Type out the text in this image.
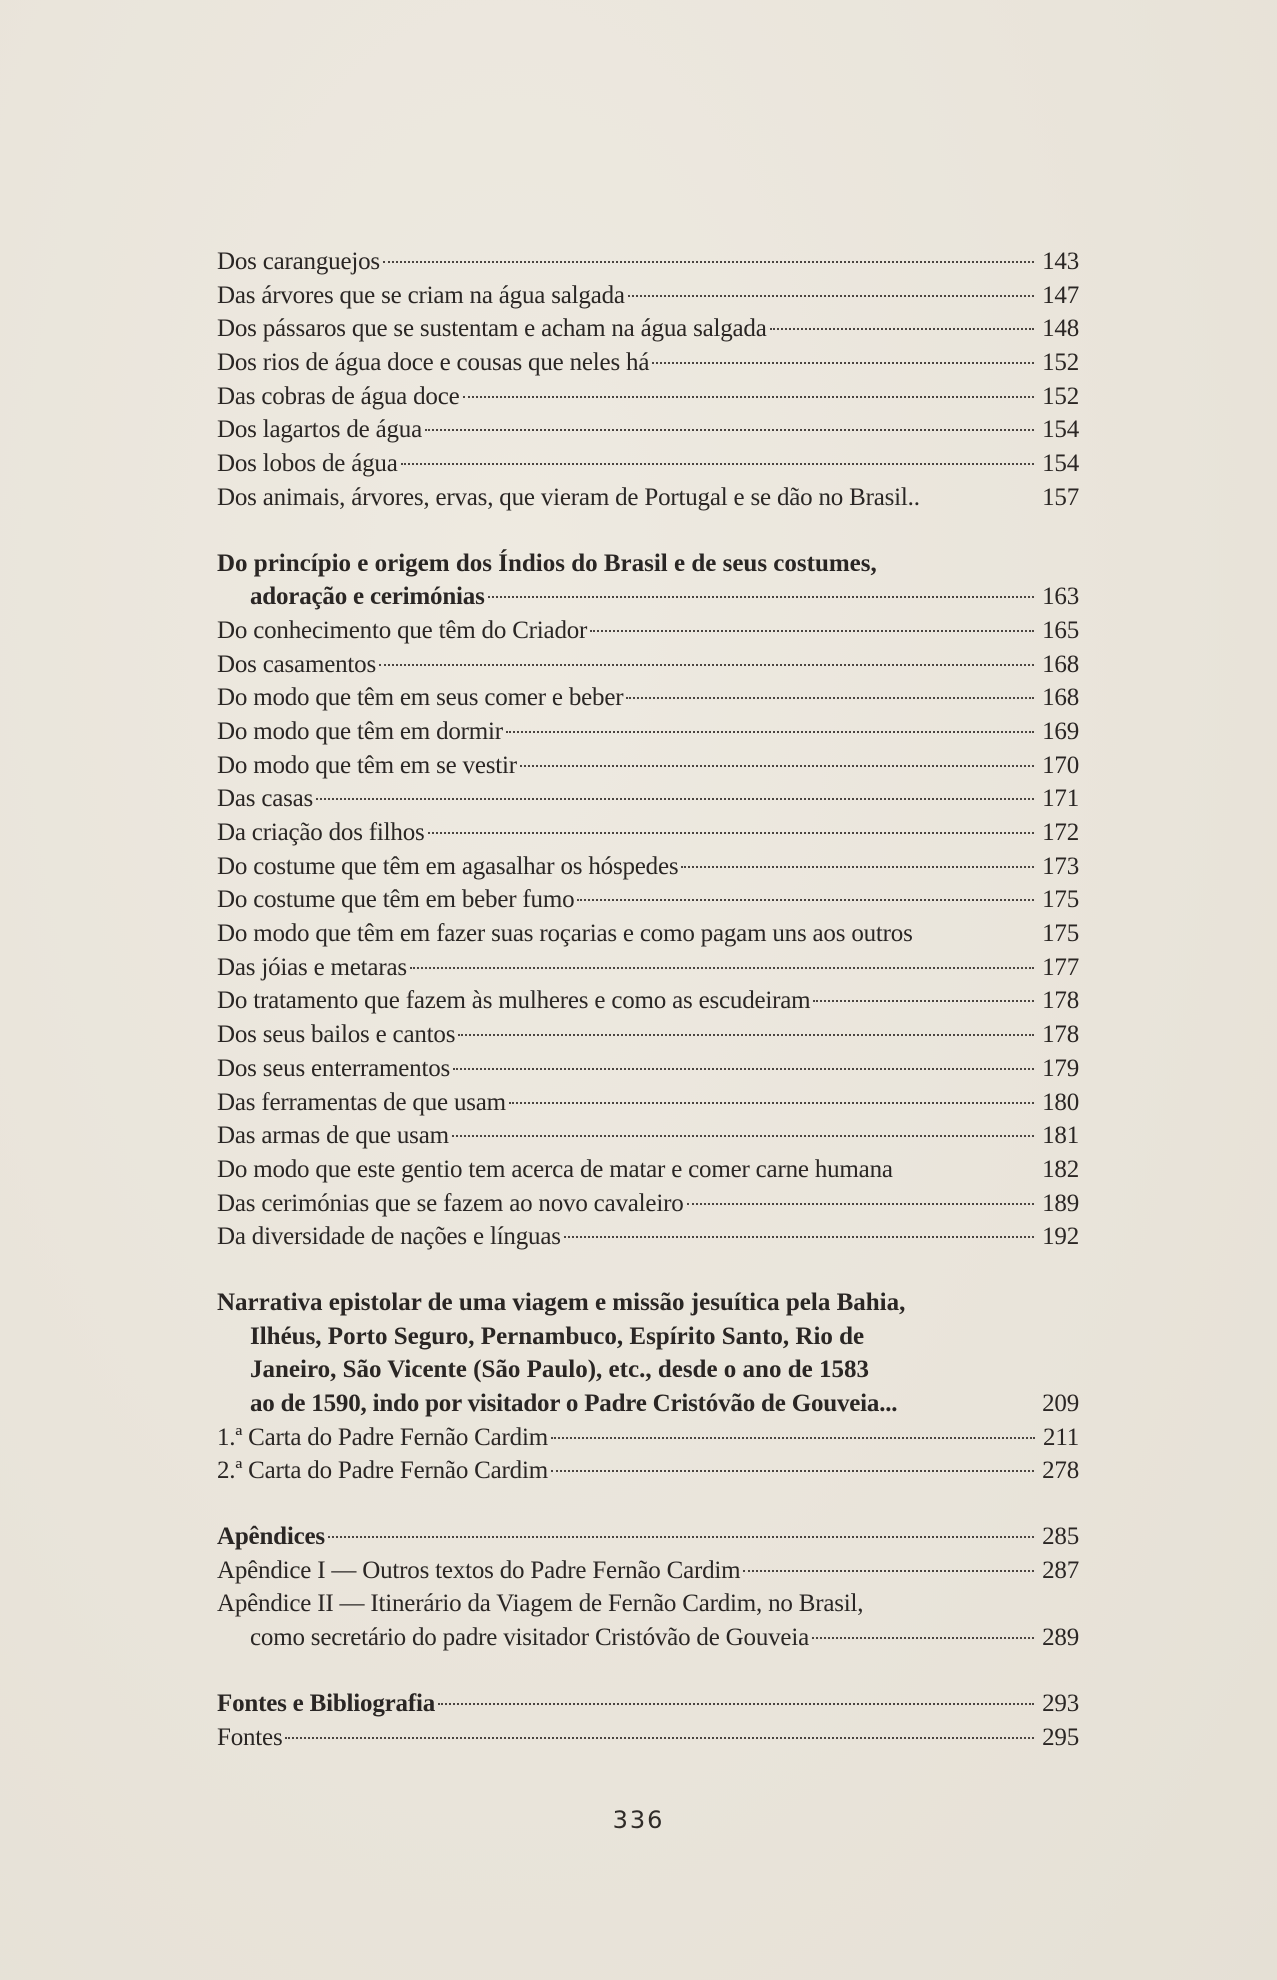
Dos caranguejos	143
Das árvores que se criam na água salgada	147
Dos pássaros que se sustentam e acham na água salgada	148
Dos rios de água doce e cousas que neles há	152
Das cobras de água doce	152
Dos lagartos de água	154
Dos lobos de água	154
Dos animais, árvores, ervas, que vieram de Portugal e se dão no Brasil..	157
Do princípio e origem dos Índios do Brasil e de seus costumes,
adoração e cerimónias	163
Do conhecimento que têm do Criador	165
Dos casamentos	168
Do modo que têm em seus comer e beber	168
Do modo que têm em dormir	169
Do modo que têm em se vestir	170
Das casas	171
Da criação dos filhos	172
Do costume que têm em agasalhar os hóspedes	173
Do costume que têm em beber fumo	175
Do modo que têm em fazer suas roçarias e como pagam uns aos outros	175
Das jóias e metaras	177
Do tratamento que fazem às mulheres e como as escudeiram	178
Dos seus bailos e cantos	178
Dos seus enterramentos	179
Das ferramentas de que usam	180
Das armas de que usam	181
Do modo que este gentio tem acerca de matar e comer carne humana	182
Das cerimónias que se fazem ao novo cavaleiro	189
Da diversidade de nações e línguas	192
Narrativa epistolar de uma viagem e missão jesuítica pela Bahia,
Ilhéus, Porto Seguro, Pernambuco, Espírito Santo, Rio de
Janeiro, São Vicente (São Paulo), etc., desde o ano de 1583
ao de 1590, indo por visitador o Padre Cristóvão de Gouveia...	209
1.ª Carta do Padre Fernão Cardim	211
2.ª Carta do Padre Fernão Cardim	278
Apêndices	285
Apêndice I — Outros textos do Padre Fernão Cardim	287
Apêndice II — Itinerário da Viagem de Fernão Cardim, no Brasil,
como secretário do padre visitador Cristóvão de Gouveia	289
Fontes e Bibliografia	293
Fontes	295
336
